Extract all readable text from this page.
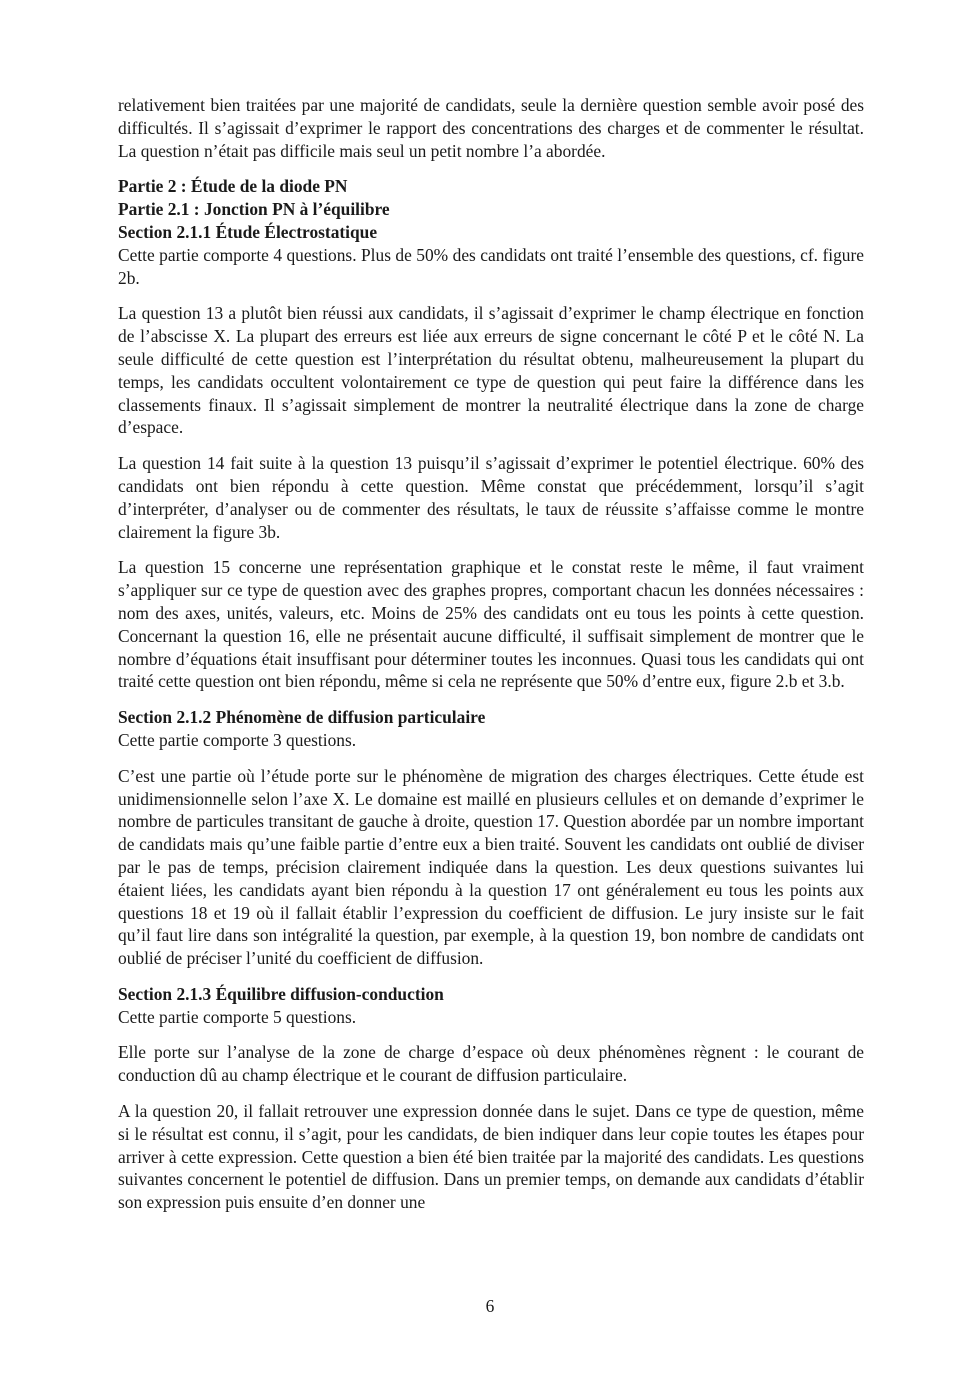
relativement bien traitées par une majorité de candidats, seule la dernière question semble avoir posé des difficultés. Il s’agissait d’exprimer le rapport des concentrations des charges et de commenter le résultat. La question n’était pas difficile mais seul un petit nombre l’a abordée.

Partie 2 : Étude de la diode PN

Partie 2.1 : Jonction PN à l’équilibre

Section 2.1.1 Étude Électrostatique

Cette partie comporte 4 questions. Plus de 50% des candidats ont traité l’ensemble des questions, cf. figure 2b.

La question 13 a plutôt bien réussi aux candidats, il s’agissait d’exprimer le champ électrique en fonction de l’abscisse X. La plupart des erreurs est liée aux erreurs de signe concernant le côté P et le côté N. La seule difficulté de cette question est l’interprétation du résultat obtenu, malheureusement la plupart du temps, les candidats occultent volontairement ce type de question qui peut faire la différence dans les classements finaux. Il s’agissait simplement de montrer la neutralité électrique dans la zone de charge d’espace.

La question 14 fait suite à la question 13 puisqu’il s’agissait d’exprimer le potentiel électrique. 60% des candidats ont bien répondu à cette question. Même constat que précédemment, lorsqu’il s’agit d’interpréter, d’analyser ou de commenter des résultats, le taux de réussite s’affaisse comme le montre clairement la figure 3b.

La question 15 concerne une représentation graphique et le constat reste le même, il faut vraiment s’appliquer sur ce type de question avec des graphes propres, comportant chacun les données nécessaires : nom des axes, unités, valeurs, etc. Moins de 25% des candidats ont eu tous les points à cette question. Concernant la question 16, elle ne présentait aucune difficulté, il suffisait simplement de montrer que le nombre d’équations était insuffisant pour déterminer toutes les inconnues. Quasi tous les candidats qui ont traité cette question ont bien répondu, même si cela ne représente que 50% d’entre eux, figure 2.b et 3.b.

Section 2.1.2 Phénomène de diffusion particulaire

Cette partie comporte 3 questions.

C’est une partie où l’étude porte sur le phénomène de migration des charges électriques. Cette étude est unidimensionnelle selon l’axe X. Le domaine est maillé en plusieurs cellules et on demande d’exprimer le nombre de particules transitant de gauche à droite, question 17. Question abordée par un nombre important de candidats mais qu’une faible partie d’entre eux a bien traité. Souvent les candidats ont oublié de diviser par le pas de temps, précision clairement indiquée dans la question. Les deux questions suivantes lui étaient liées, les candidats ayant bien répondu à la question 17 ont généralement eu tous les points aux questions 18 et 19 où il fallait établir l’expression du coefficient de diffusion. Le jury insiste sur le fait qu’il faut lire dans son intégralité la question, par exemple, à la question 19, bon nombre de candidats ont oublié de préciser l’unité du coefficient de diffusion.

Section 2.1.3 Équilibre diffusion-conduction

Cette partie comporte 5 questions.

Elle porte sur l’analyse de la zone de charge d’espace où deux phénomènes règnent : le courant de conduction dû au champ électrique et le courant de diffusion particulaire.

A la question 20, il fallait retrouver une expression donnée dans le sujet. Dans ce type de question, même si le résultat est connu, il s’agit, pour les candidats, de bien indiquer dans leur copie toutes les étapes pour arriver à cette expression. Cette question a bien été bien traitée par la majorité des candidats. Les questions suivantes concernent le potentiel de diffusion. Dans un premier temps, on demande aux candidats d’établir son expression puis ensuite d’en donner une

6
